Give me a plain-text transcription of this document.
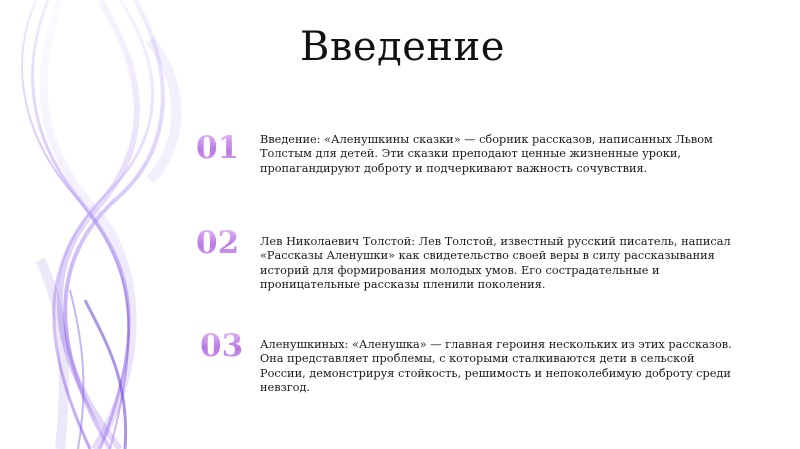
Введение
01	Введение: «Аленушкины сказки» — сборник рассказов, написанных Львом Толстым для детей. Эти сказки преподают ценные жизненные уроки, пропагандируют доброту и подчеркивают важность сочувствия.
02	Лев Николаевич Толстой: Лев Толстой, известный русский писатель, написал «Рассказы Аленушки» как свидетельство своей веры в силу рассказывания историй для формирования молодых умов. Его сострадательные и проницательные рассказы пленили поколения.
03	Аленушкиных: «Аленушка» — главная героиня нескольких из этих рассказов. Она представляет проблемы, с которыми сталкиваются дети в сельской России, демонстрируя стойкость, решимость и непоколебимую доброту среди невзгод.
